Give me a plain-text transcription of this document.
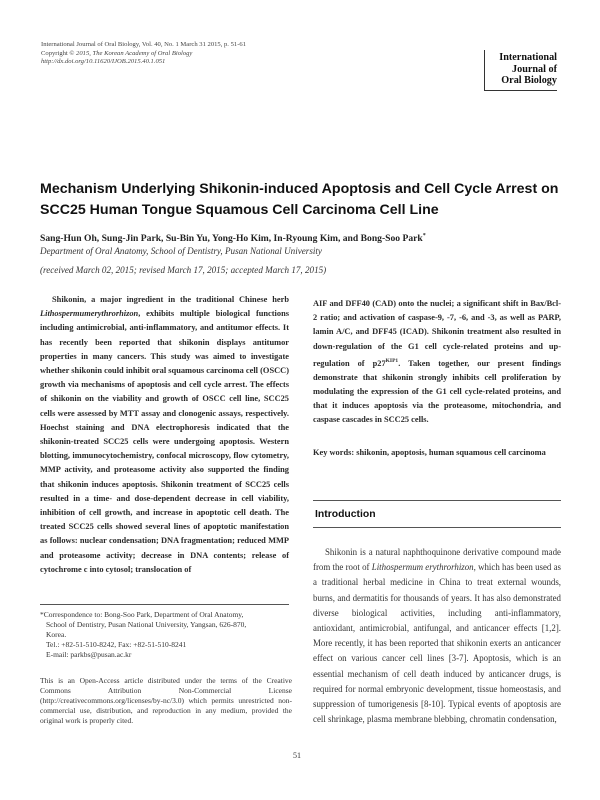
International Journal of Oral Biology, Vol. 40, No. 1 March 31 2015, p. 51-61
Copyright © 2015, The Korean Academy of Oral Biology
http://dx.doi.org/10.11620/IJOB.2015.40.1.051	International
Journal of
Oral Biology
Mechanism Underlying Shikonin-induced Apoptosis and Cell Cycle Arrest on
SCC25 Human Tongue Squamous Cell Carcinoma Cell Line
Sang-Hun Oh, Sung-Jin Park, Su-Bin Yu, Yong-Ho Kim, In-Ryoung Kim, and Bong-Soo Park*
Department of Oral Anatomy, School of Dentistry, Pusan National University
(received March 02, 2015; revised March 17, 2015; accepted March 17, 2015)
Shikonin, a major ingredient in the traditional Chinese herb Lithospermumerythrorhizon, exhibits multiple biological functions including antimicrobial, anti-inflammatory, and antitumor effects. It has recently been reported that shikonin displays antitumor properties in many cancers. This study was aimed to investigate whether shikonin could inhibit oral squamous carcinoma cell (OSCC) growth via mechanisms of apoptosis and cell cycle arrest. The effects of shikonin on the viability and growth of OSCC cell line, SCC25 cells were assessed by MTT assay and clonogenic assays, respectively. Hoechst staining and DNA electrophoresis indicated that the shikonin-treated SCC25 cells were undergoing apoptosis. Western blotting, immunocytochemistry, confocal microscopy, flow cytometry, MMP activity, and proteasome activity also supported the finding that shikonin induces apoptosis. Shikonin treatment of SCC25 cells resulted in a time- and dose-dependent decrease in cell viability, inhibition of cell growth, and increase in apoptotic cell death. The treated SCC25 cells showed several lines of apoptotic manifestation as follows: nuclear condensation; DNA fragmentation; reduced MMP and proteasome activity; decrease in DNA contents; release of cytochrome c into cytosol; translocation of
AIF and DFF40 (CAD) onto the nuclei; a significant shift in Bax/Bcl-2 ratio; and activation of caspase-9, -7, -6, and -3, as well as PARP, lamin A/C, and DFF45 (ICAD). Shikonin treatment also resulted in down-regulation of the G1 cell cycle-related proteins and up-regulation of $p27^{KIP1}$. Taken together, our present findings demonstrate that shikonin strongly inhibits cell proliferation by modulating the expression of the G1 cell cycle-related proteins, and that it induces apoptosis via the proteasome, mitochondria, and caspase cascades in SCC25 cells.
Key words: shikonin, apoptosis, human squamous cell carcinoma
*Correspondence to: Bong-Soo Park, Department of Oral Anatomy,
School of Dentistry, Pusan National University, Yangsan, 626-870,
Korea.
Tel.: +82-51-510-8242, Fax: +82-51-510-8241
E-mail: parkbs@pusan.ac.kr
This is an Open-Access article distributed under the terms of the Creative Commons Attribution Non-Commercial License (http://creativecommons.org/licenses/by-nc/3.0) which permits unrestricted non-commercial use, distribution, and reproduction in any medium, provided the original work is properly cited.
Introduction
Shikonin is a natural naphthoquinone derivative compound made from the root of Lithospermum erythrorhizon, which has been used as a traditional herbal medicine in China to treat external wounds, burns, and dermatitis for thousands of years. It has also demonstrated diverse biological activities, including anti-inflammatory, antioxidant, antimicrobial, antifungal, and anticancer effects [1,2]. More recently, it has been reported that shikonin exerts an anticancer effect on various cancer cell lines [3-7]. Apoptosis, which is an essential mechanism of cell death induced by anticancer drugs, is required for normal embryonic development, tissue homeostasis, and suppression of tumorigenesis [8-10]. Typical events of apoptosis are cell shrinkage, plasma membrane blebbing, chromatin condensation,
51
